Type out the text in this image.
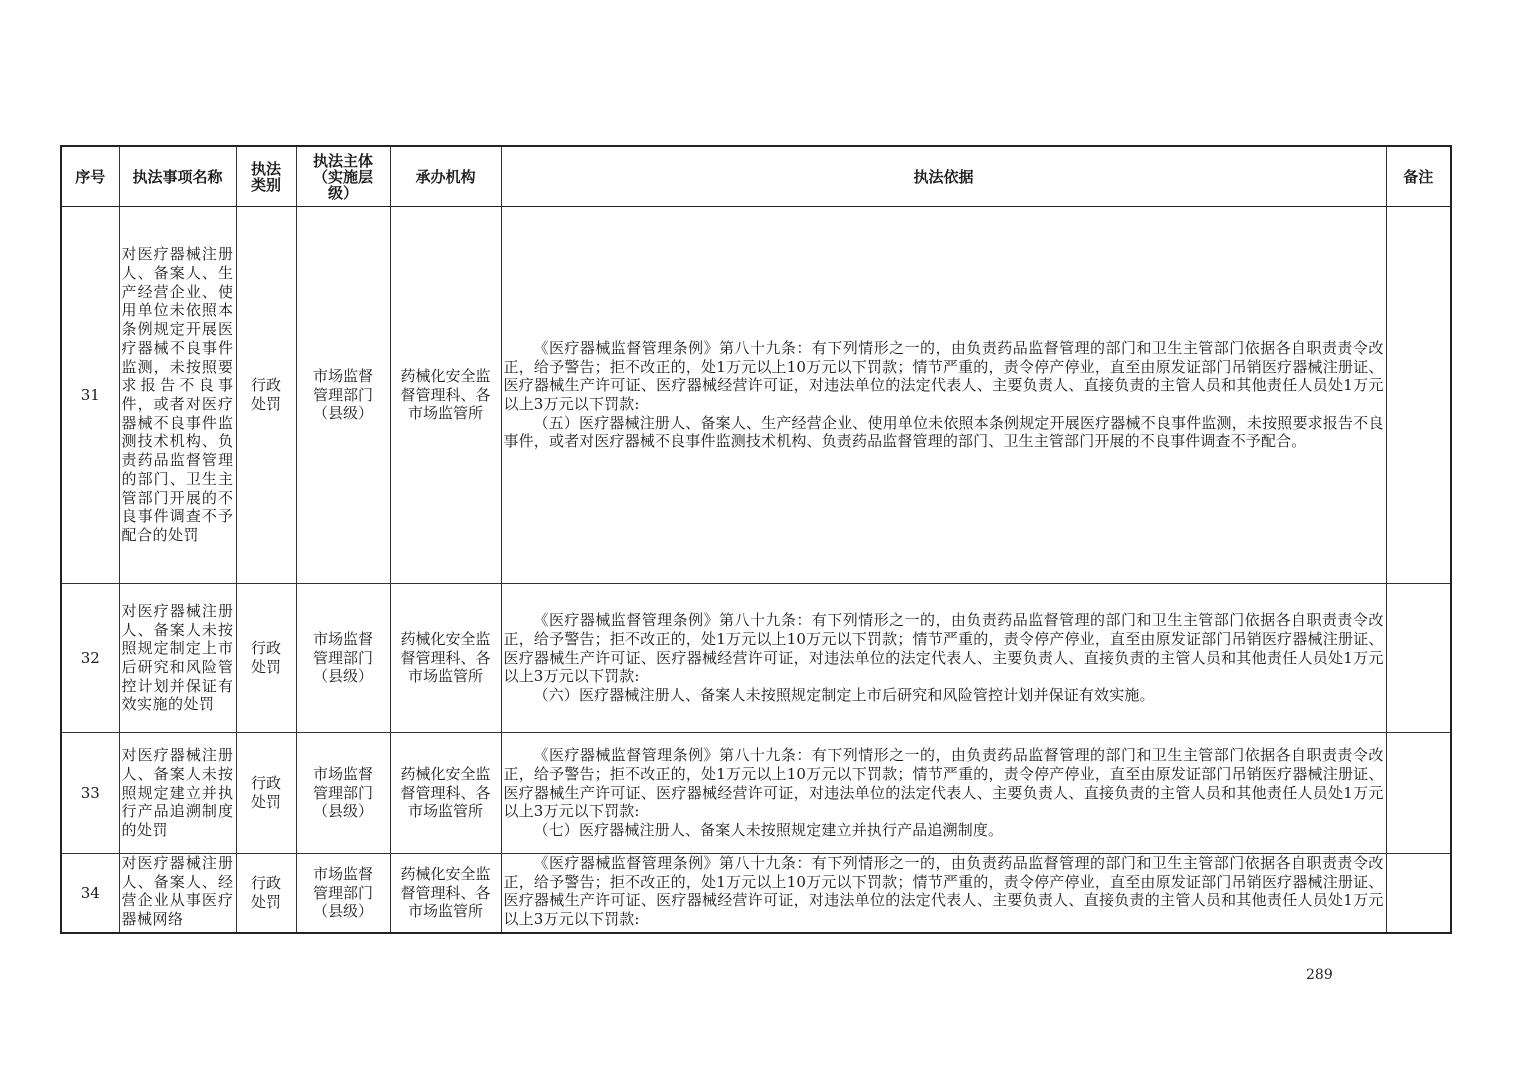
序号	执法事项名称	执法类别	执法主体（实施层级）	承办机构	执法依据	备注
31	对医疗器械注册人、备案人、生产经营企业、使用单位未依照本条例规定开展医疗器械不良事件监测，未按照要求报告不良事件，或者对医疗器械不良事件监测技术机构、负责药品监督管理的部门、卫生主管部门开展的不良事件调查不予配合的处罚	行政处罚	市场监督管理部门（县级）	药械化安全监督管理科、各市场监管所	《医疗器械监督管理条例》第八十九条：有下列情形之一的，由负责药品监督管理的部门和卫生主管部门依据各自职责责令改正，给予警告；拒不改正的，处1万元以上10万元以下罚款；情节严重的，责令停产停业，直至由原发证部门吊销医疗器械注册证、医疗器械生产许可证、医疗器械经营许可证，对违法单位的法定代表人、主要负责人、直接负责的主管人员和其他责任人员处1万元以上3万元以下罚款:

（五）医疗器械注册人、备案人、生产经营企业、使用单位未依照本条例规定开展医疗器械不良事件监测，未按照要求报告不良事件，或者对医疗器械不良事件监测技术机构、负责药品监督管理的部门、卫生主管部门开展的不良事件调查不予配合。	

32	对医疗器械注册人、备案人未按照规定制定上市后研究和风险管控计划并保证有效实施的处罚	行政处罚	市场监督管理部门（县级）	药械化安全监督管理科、各市场监管所	《医疗器械监督管理条例》第八十九条：有下列情形之一的，由负责药品监督管理的部门和卫生主管部门依据各自职责责令改正，给予警告；拒不改正的，处1万元以上10万元以下罚款；情节严重的，责令停产停业，直至由原发证部门吊销医疗器械注册证、医疗器械生产许可证、医疗器械经营许可证，对违法单位的法定代表人、主要负责人、直接负责的主管人员和其他责任人员处1万元以上3万元以下罚款:

（六）医疗器械注册人、备案人未按照规定制定上市后研究和风险管控计划并保证有效实施。	

33	对医疗器械注册人、备案人未按照规定建立并执行产品追溯制度的处罚	行政处罚	市场监督管理部门（县级）	药械化安全监督管理科、各市场监管所	《医疗器械监督管理条例》第八十九条：有下列情形之一的，由负责药品监督管理的部门和卫生主管部门依据各自职责责令改正，给予警告；拒不改正的，处1万元以上10万元以下罚款；情节严重的，责令停产停业，直至由原发证部门吊销医疗器械注册证、医疗器械生产许可证、医疗器械经营许可证，对违法单位的法定代表人、主要负责人、直接负责的主管人员和其他责任人员处1万元以上3万元以下罚款:

（七）医疗器械注册人、备案人未按照规定建立并执行产品追溯制度。	

34	对医疗器械注册人、备案人、经营企业从事医疗器械网络	行政处罚	市场监督管理部门（县级）	药械化安全监督管理科、各市场监管所	《医疗器械监督管理条例》第八十九条：有下列情形之一的，由负责药品监督管理的部门和卫生主管部门依据各自职责责令改正，给予警告；拒不改正的，处1万元以上10万元以下罚款；情节严重的，责令停产停业，直至由原发证部门吊销医疗器械注册证、医疗器械生产许可证、医疗器械经营许可证，对违法单位的法定代表人、主要负责人、直接负责的主管人员和其他责任人员处1万元以上3万元以下罚款:	

289
